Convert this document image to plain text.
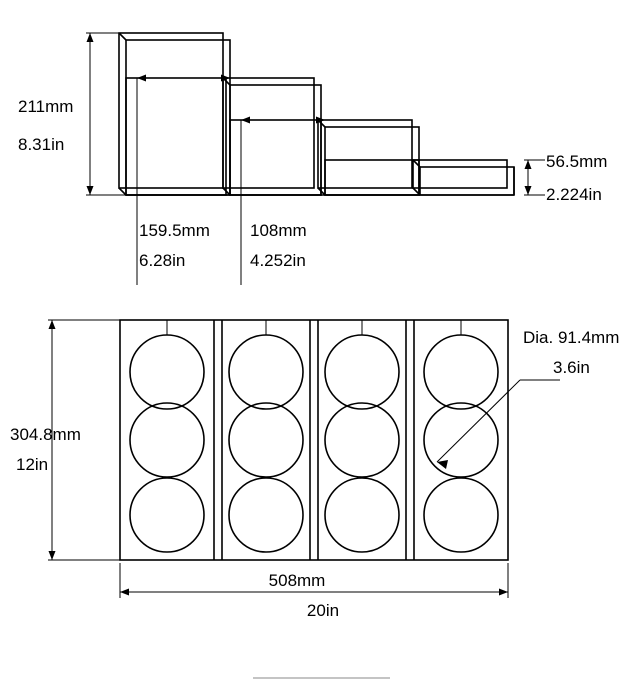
211mm
8.31in
56.5mm
2.224in
159.5mm
6.28in
108mm
4.252in
304.8mm
12in
508mm
20in
Dia. 91.4mm
3.6in
